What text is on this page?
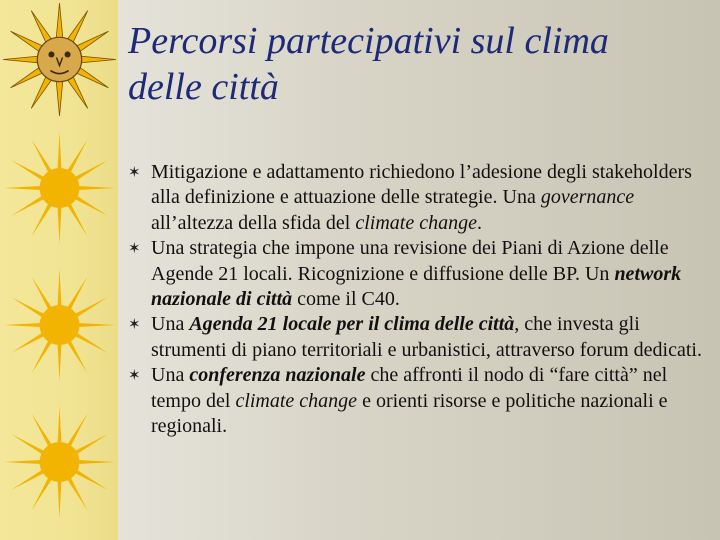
Percorsi partecipativi sul clima
delle città
✶ Mitigazione e adattamento richiedono l’adesione degli stakeholders alla definizione e attuazione delle strategie. Una governance all’altezza della sfida del climate change.
✶ Una strategia che impone una revisione dei Piani di Azione delle Agende 21 locali. Ricognizione e diffusione delle BP. Un network nazionale di città come il C40.
✶ Una Agenda 21 locale per il clima delle città, che investa gli strumenti di piano territoriali e urbanistici, attraverso forum dedicati.
✶ Una conferenza nazionale che affronti il nodo di “fare città” nel tempo del climate change e orienti risorse e politiche nazionali e regionali.
